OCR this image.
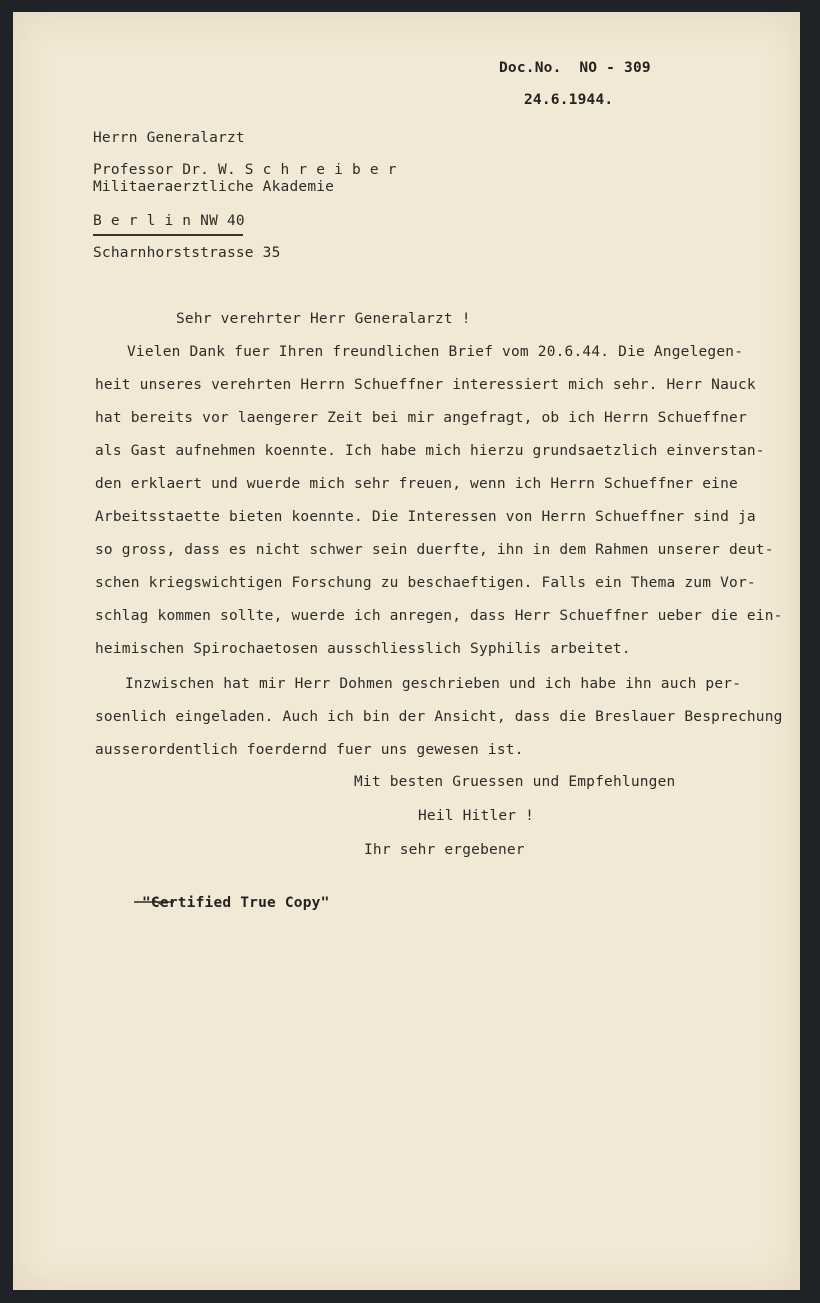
Doc.No.  NO - 309
24.6.1944.
Herrn Generalarzt
Professor Dr. W. S c h r e i b e r
Militaeraerztliche Akademie
B e r l i n NW 40
Scharnhorststrasse 35
Sehr verehrter Herr Generalarzt !
Vielen Dank fuer Ihren freundlichen Brief vom 20.6.44. Die Angelegen-
heit unseres verehrten Herrn Schueffner interessiert mich sehr. Herr Nauck
hat bereits vor laengerer Zeit bei mir angefragt, ob ich Herrn Schueffner
als Gast aufnehmen koennte. Ich habe mich hierzu grundsaetzlich einverstan-
den erklaert und wuerde mich sehr freuen, wenn ich Herrn Schueffner eine
Arbeitsstaette bieten koennte. Die Interessen von Herrn Schueffner sind ja
so gross, dass es nicht schwer sein duerfte, ihn in dem Rahmen unserer deut-
schen kriegswichtigen Forschung zu beschaeftigen. Falls ein Thema zum Vor-
schlag kommen sollte, wuerde ich anregen, dass Herr Schueffner ueber die ein-
heimischen Spirochaetosen ausschliesslich Syphilis arbeitet.
Inzwischen hat mir Herr Dohmen geschrieben und ich habe ihn auch per-
soenlich eingeladen. Auch ich bin der Ansicht, dass die Breslauer Besprechung
ausserordentlich foerdernd fuer uns gewesen ist.
Mit besten Gruessen und Empfehlungen
Heil Hitler !
Ihr sehr ergebener
"Certified True Copy"
